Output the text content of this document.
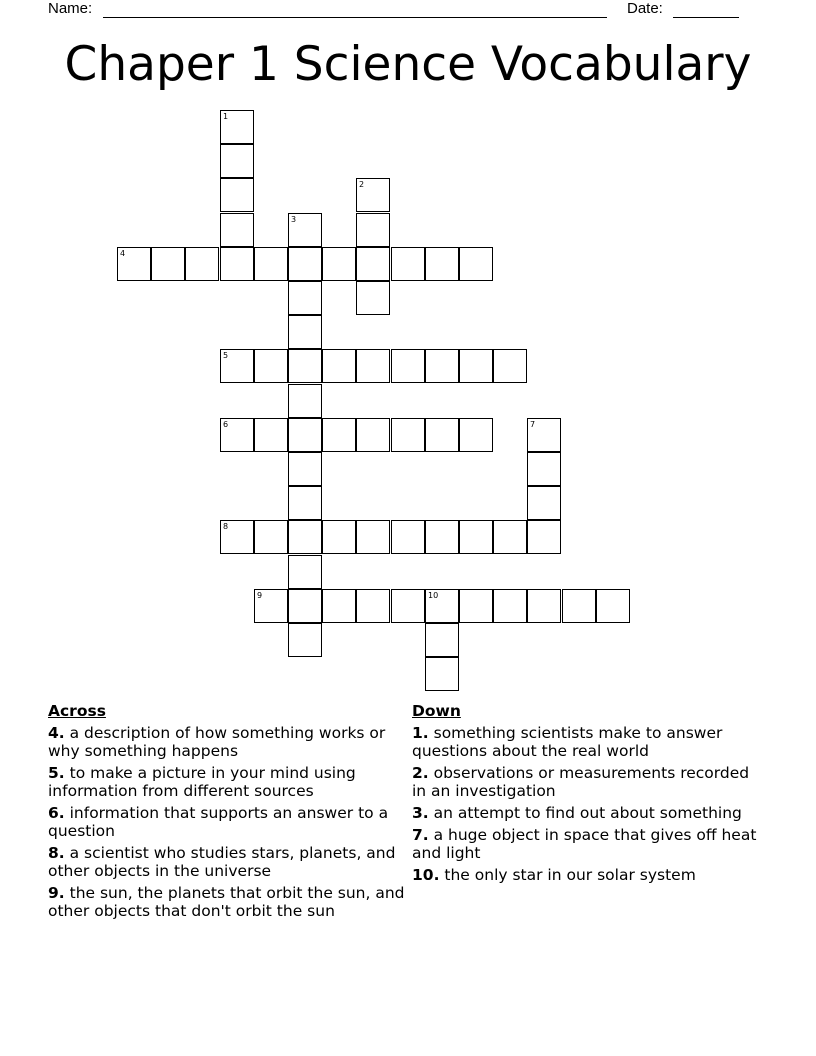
Name:	Date:
Chaper 1 Science Vocabulary
1
2
3
4
5
6	7
8
9	10
Across
4. a description of how something works or why something happens
5. to make a picture in your mind using information from different sources
6. information that supports an answer to a question
8. a scientist who studies stars, planets, and other objects in the universe
9. the sun, the planets that orbit the sun, and other objects that don't orbit the sun
Down
1. something scientists make to answer questions about the real world
2. observations or measurements recorded in an investigation
3. an attempt to find out about something
7. a huge object in space that gives off heat and light
10. the only star in our solar system
